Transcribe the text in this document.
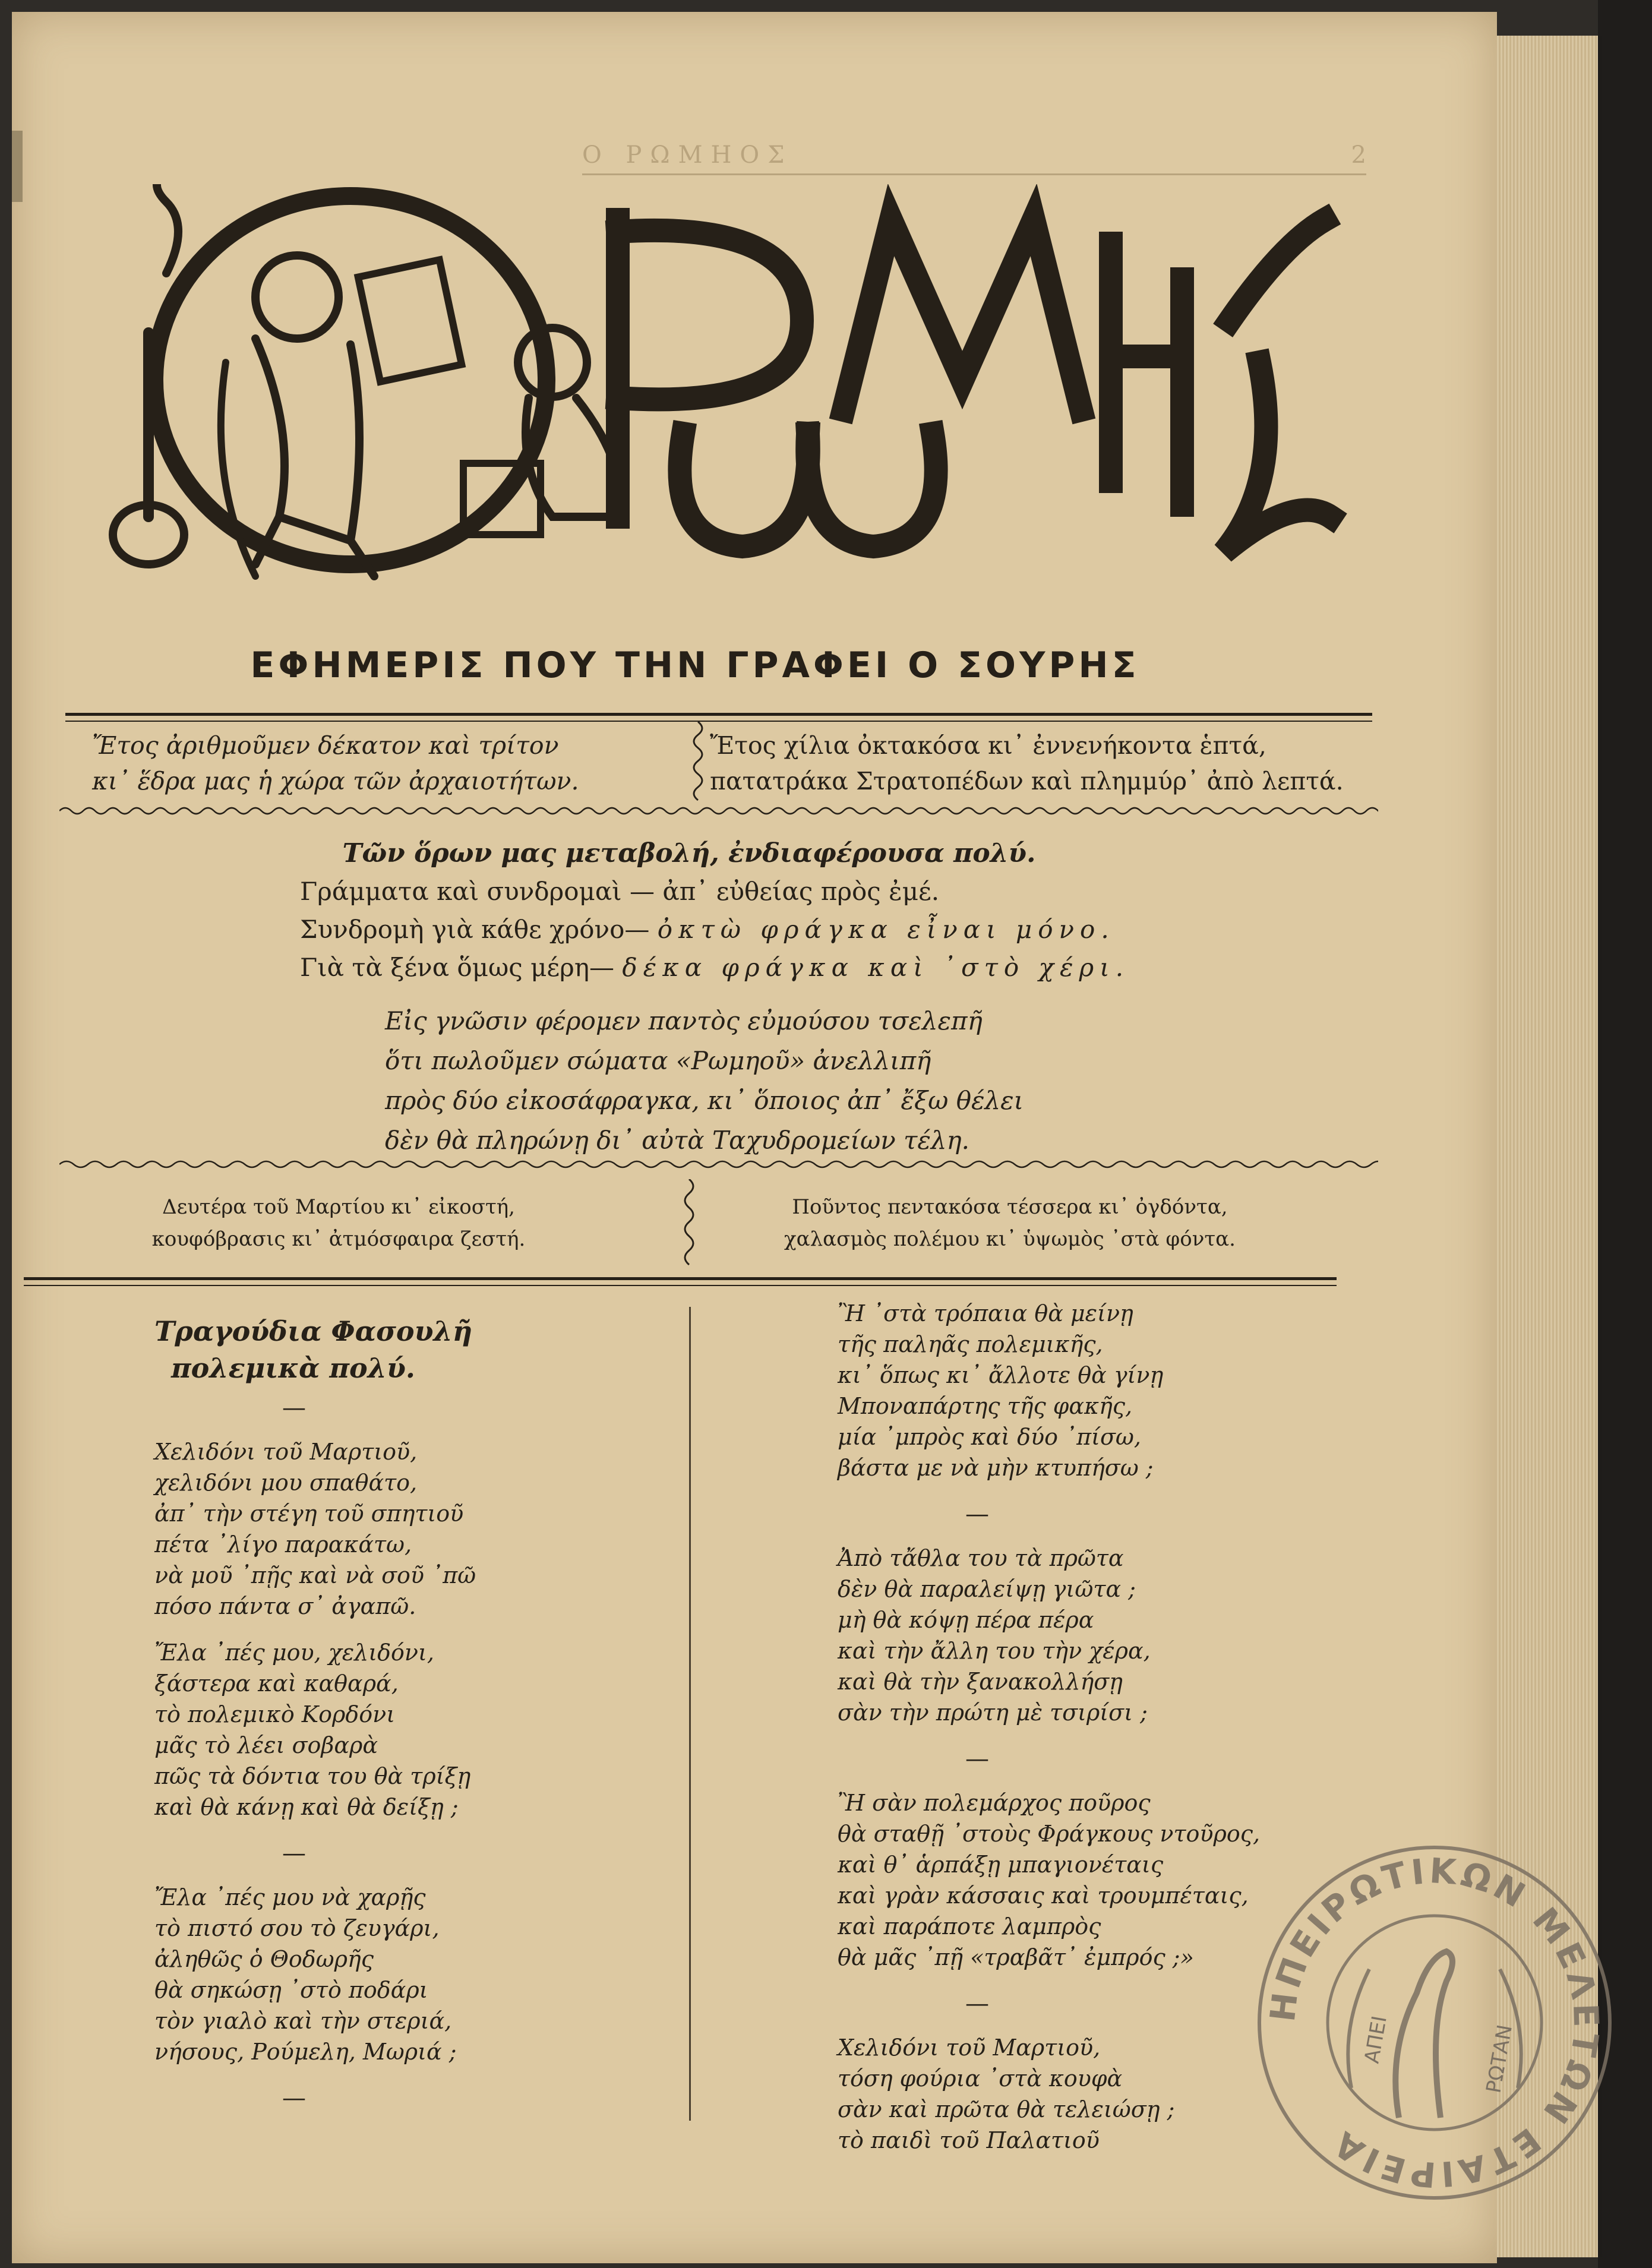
Ο ΡΩΜΗΟΣ	2
ΕΦΗΜΕΡΙΣ ΠΟΥ ΤΗΝ ΓΡΑΦΕΙ Ο ΣΟΥΡΗΣ
Ἔτος ἀριθμοῦμεν δέκατον καὶ τρίτον
κι᾽ ἕδρα μας ἡ χώρα τῶν ἀρχαιοτήτων.
Ἔτος χίλια ὀκτακόσα κι᾽ ἐννενήκοντα ἑπτά,
πατατράκα Στρατοπέδων καὶ πλημμύρ᾽ ἀπὸ λεπτά.
Τῶν ὅρων μας μεταβολή, ἐνδιαφέρουσα πολύ.
Γράμματα καὶ συνδρομαὶ — ἀπ᾽ εὐθείας πρὸς ἐμέ.
Συνδρομὴ γιὰ κάθε χρόνο— ὀκτὼ φράγκα εἶναι μόνο.
Γιὰ τὰ ξένα ὅμως μέρη— δέκα φράγκα καὶ ᾽στὸ χέρι.
Εἰς γνῶσιν φέρομεν παντὸς εὐμούσου τσελεπῆ
ὅτι πωλοῦμεν σώματα «Ρωμηοῦ» ἀνελλιπῆ
πρὸς δύο εἰκοσάφραγκα, κι᾽ ὅποιος ἀπ᾽ ἔξω θέλει
δὲν θὰ πληρώνῃ δι᾽ αὐτὰ Ταχυδρομείων τέλη.
Δευτέρα τοῦ Μαρτίου κι᾽ εἰκοστή,
κουφόβρασις κι᾽ ἀτμόσφαιρα ζεστή.
Ποῦντος πεντακόσα τέσσερα κι᾽ ὀγδόντα,
χαλασμὸς πολέμου κι᾽ ὑψωμὸς ᾽στὰ φόντα.
Τραγούδια Φασουλῆ
πολεμικὰ πολύ.
—
Χελιδόνι τοῦ Μαρτιοῦ,
χελιδόνι μου σπαθάτο,
ἀπ᾽ τὴν στέγη τοῦ σπητιοῦ
πέτα ᾽λίγο παρακάτω,
νὰ μοῦ ᾽πῇς καὶ νὰ σοῦ ᾽πῶ
πόσο πάντα σ᾽ ἀγαπῶ.
Ἔλα ᾽πές μου, χελιδόνι,
ξάστερα καὶ καθαρά,
τὸ πολεμικὸ Κορδόνι
μᾶς τὸ λέει σοβαρὰ
πῶς τὰ δόντια του θὰ τρίξῃ
καὶ θὰ κάνῃ καὶ θὰ δείξῃ ;
—
Ἔλα ᾽πές μου νὰ χαρῇς
τὸ πιστό σου τὸ ζευγάρι,
ἀληθῶς ὁ Θοδωρῆς
θὰ σηκώσῃ ᾽στὸ ποδάρι
τὸν γιαλὸ καὶ τὴν στεριά,
νήσους, Ρούμελη, Μωριά ;
—
Ἢ ᾽στὰ τρόπαια θὰ μείνῃ
τῆς παληᾶς πολεμικῆς,
κι᾽ ὅπως κι᾽ ἄλλοτε θὰ γίνῃ
Μποναπάρτης τῆς φακῆς,
μία ᾽μπρὸς καὶ δύο ᾽πίσω,
βάστα με νὰ μὴν κτυπήσω ;
—
Ἀπὸ τἄθλα του τὰ πρῶτα
δὲν θὰ παραλείψῃ γιῶτα ;
μὴ θὰ κόψῃ πέρα πέρα
καὶ τὴν ἄλλη του τὴν χέρα,
καὶ θὰ τὴν ξανακολλήσῃ
σὰν τὴν πρώτη μὲ τσιρίσι ;
—
Ἢ σὰν πολεμάρχος ποῦρος
θὰ σταθῇ ᾽στοὺς Φράγκους ντοῦρος,
καὶ θ᾽ ἁρπάξῃ μπαγιονέταις
καὶ γρὰν κάσσαις καὶ τρουμπέταις,
καὶ παράποτε λαμπρὸς
θὰ μᾶς ᾽πῇ «τραβᾶτ᾽ ἐμπρός ;»
—
Χελιδόνι τοῦ Μαρτιοῦ,
τόση φούρια ᾽στὰ κουφὰ
σὰν καὶ πρῶτα θὰ τελειώσῃ ;
τὸ παιδὶ τοῦ Παλατιοῦ
ΗΠΕΙΡΩΤΙΚΩΝ ΜΕΛΕΤΩΝ ΕΤΑΙΡΕΙΑ
ΑΠΕΙ	ΡΩΤΑΝ
